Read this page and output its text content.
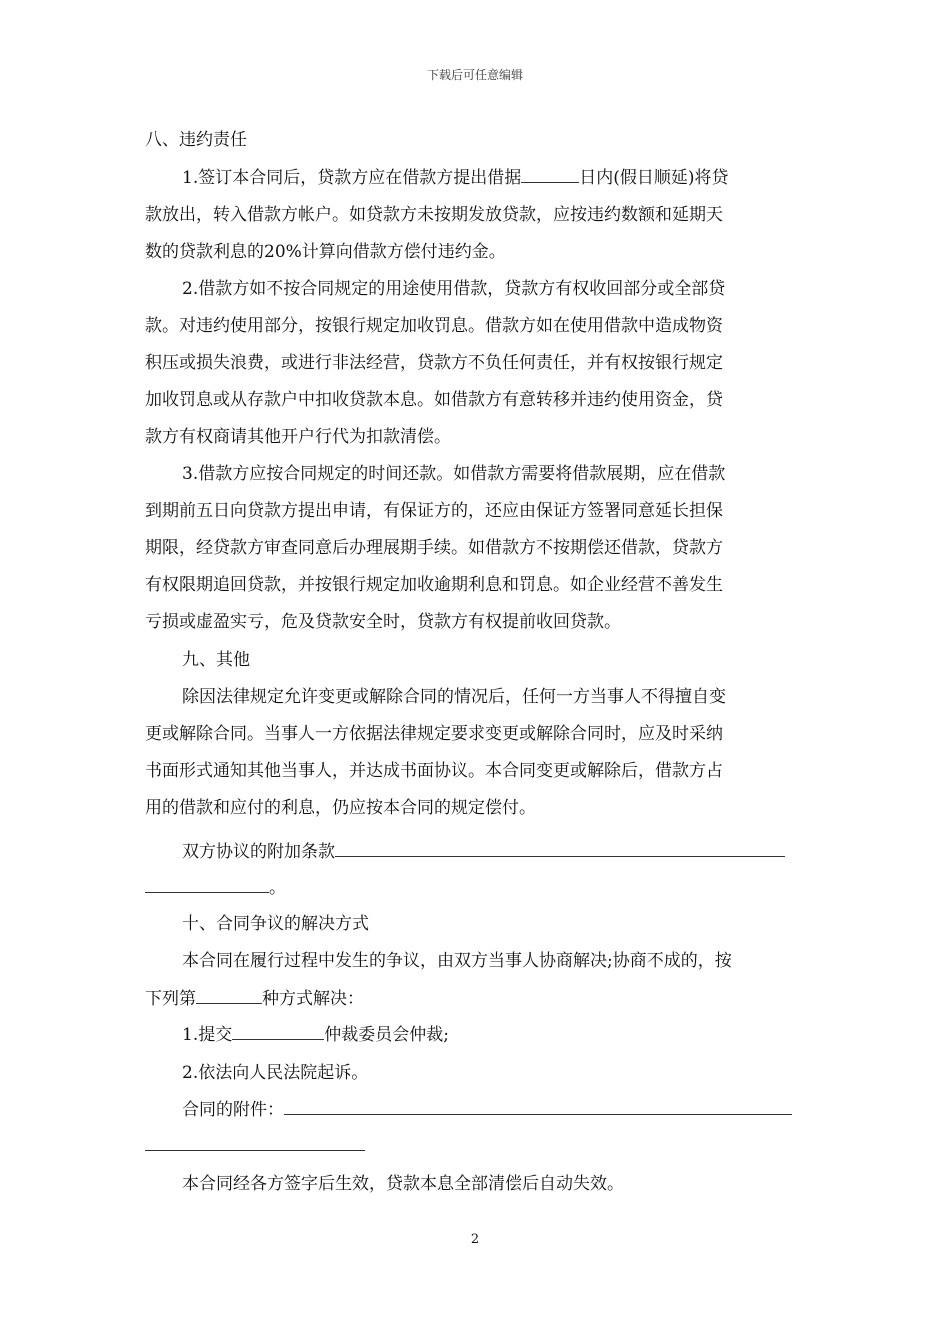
下载后可任意编辑
八、违约责任
1.签订本合同后，贷款方应在借款方提出借据	日内(假日顺延)将贷
款放出，转入借款方帐户。如贷款方未按期发放贷款，应按违约数额和延期天
数的贷款利息的20%计算向借款方偿付违约金。
2.借款方如不按合同规定的用途使用借款，贷款方有权收回部分或全部贷
款。对违约使用部分，按银行规定加收罚息。借款方如在使用借款中造成物资
积压或损失浪费，或进行非法经营，贷款方不负任何责任，并有权按银行规定
加收罚息或从存款户中扣收贷款本息。如借款方有意转移并违约使用资金，贷
款方有权商请其他开户行代为扣款清偿。
3.借款方应按合同规定的时间还款。如借款方需要将借款展期，应在借款
到期前五日向贷款方提出申请，有保证方的，还应由保证方签署同意延长担保
期限，经贷款方审查同意后办理展期手续。如借款方不按期偿还借款，贷款方
有权限期追回贷款，并按银行规定加收逾期利息和罚息。如企业经营不善发生
亏损或虚盈实亏，危及贷款安全时，贷款方有权提前收回贷款。
九、其他
除因法律规定允许变更或解除合同的情况后，任何一方当事人不得擅自变
更或解除合同。当事人一方依据法律规定要求变更或解除合同时，应及时采纳
书面形式通知其他当事人，并达成书面协议。本合同变更或解除后，借款方占
用的借款和应付的利息，仍应按本合同的规定偿付。
双方协议的附加条款
。
十、合同争议的解决方式
本合同在履行过程中发生的争议，由双方当事人协商解决;协商不成的，按
下列第	种方式解决：
1.提交	仲裁委员会仲裁;
2.依法向人民法院起诉。
合同的附件：
本合同经各方签字后生效，贷款本息全部清偿后自动失效。
2
